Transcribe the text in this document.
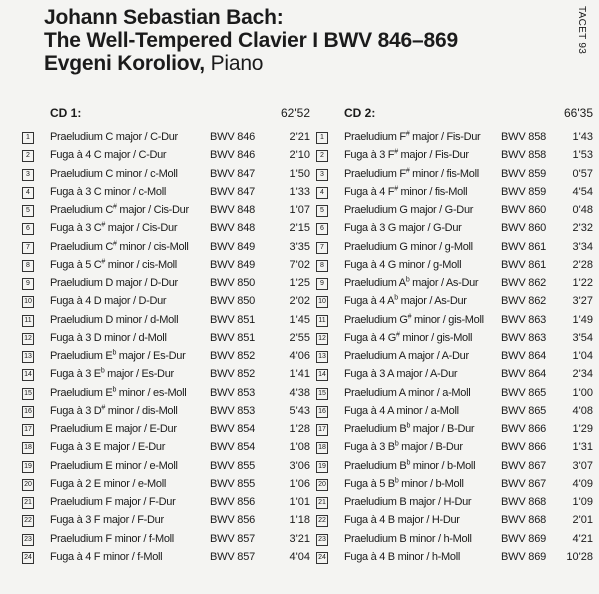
Johann Sebastian Bach:
The Well-Tempered Clavier I BWV 846–869
Evgeni Koroliov, Piano
TACET 93
CD 1:	62'52
1	Praeludium C major / C-Dur	BWV 846	2'21
2	Fuga à 4 C major / C-Dur	BWV 846	2'10
3	Praeludium C minor / c-Moll	BWV 847	1'50
4	Fuga à 3 C minor / c-Moll	BWV 847	1'33
5	Praeludium C# major / Cis-Dur BWV 848	1'07
6	Fuga à 3 C# major / Cis-Dur	BWV 848	2'15
7	Praeludium C# minor / cis-Moll BWV 849	3'35
8	Fuga à 5 C# minor / cis-Moll	BWV 849	7'02
9	Praeludium D major / D-Dur	BWV 850	1'25
10 Fuga à 4 D major / D-Dur	BWV 850	2'02
11 Praeludium D minor / d-Moll	BWV 851	1'45
12 Fuga à 3 D minor / d-Moll	BWV 851	2'55
13 Praeludium $E^b$ major / Es-Dur BWV 852	4'06
14 Fuga à 3 $E^b$ major / Es-Dur	BWV 852	1'41
15 Praeludium $E^b$ minor / es-Moll BWV 853	4'38
16 Fuga à 3 D# minor / dis-Moll	BWV 853	5'43
17 Praeludium E major / E-Dur	BWV 854	1'28
18 Fuga à 3 E major / E-Dur	BWV 854	1'08
19 Praeludium E minor / e-Moll	BWV 855	3'06
20 Fuga à 2 E minor / e-Moll	BWV 855	1'06
21 Praeludium F major / F-Dur	BWV 856	1'01
22 Fuga à 3 F major / F-Dur	BWV 856	1'18
23 Praeludium F minor / f-Moll	BWV 857	3'21
24 Fuga à 4 F minor / f-Moll	BWV 857	4'04
CD 2:	66'35
1	Praeludium F# major / Fis-Dur BWV 858 1'43
2	Fuga à 3 F# major / Fis-Dur	BWV 858 1'53
3	Praeludium F# minor / fis-Moll BWV 859 0'57
4	Fuga à 4 F# minor / fis-Moll	BWV 859 4'54
5	Praeludium G major / G-Dur	BWV 860 0'48
6	Fuga à 3 G major / G-Dur	BWV 860 2'32
7	Praeludium G minor / g-Moll	BWV 861 3'34
8	Fuga à 4 G minor / g-Moll	BWV 861 2'28
9	Praeludium $A^b$ major / As-Dur BWV 862 1'22
10 Fuga à 4 $A^b$ major / As-Dur	BWV 862 3'27
11 Praeludium G# minor / gis-Moll BWV 863 1'49
12 Fuga à 4 G# minor / gis-Moll	BWV 863 3'54
13 Praeludium A major / A-Dur	BWV 864 1'04
14 Fuga à 3 A major / A-Dur	BWV 864 2'34
15 Praeludium A minor / a-Moll	BWV 865 1'00
16 Fuga à 4 A minor / a-Moll	BWV 865 4'08
17 Praeludium $B^b$ major / B-Dur BWV 866 1'29
18 Fuga à 3 $B^b$ major / B-Dur	BWV 866 1'31
19 Praeludium $B^b$ minor / b-Moll BWV 867 3'07
20 Fuga à 5 $B^b$ minor / b-Moll	BWV 867 4'09
21 Praeludium B major / H-Dur	BWV 868 1'09
22 Fuga à 4 B major / H-Dur	BWV 868 2'01
23 Praeludium B minor / h-Moll	BWV 869 4'21
24 Fuga à 4 B minor / h-Moll	BWV 869 10'28
